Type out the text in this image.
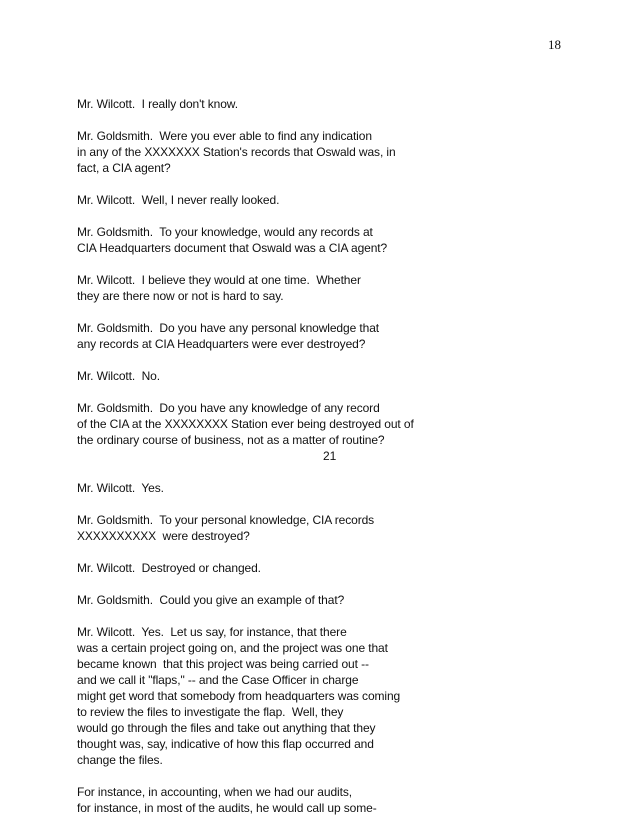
18

Mr. Wilcott.  I really don't know.

Mr. Goldsmith.  Were you ever able to find any indication
in any of the XXXXXXX Station's records that Oswald was, in
fact, a CIA agent?

Mr. Wilcott.  Well, I never really looked.

Mr. Goldsmith.  To your knowledge, would any records at
CIA Headquarters document that Oswald was a CIA agent?

Mr. Wilcott.  I believe they would at one time.  Whether
they are there now or not is hard to say.

Mr. Goldsmith.  Do you have any personal knowledge that
any records at CIA Headquarters were ever destroyed?

Mr. Wilcott.  No.

Mr. Goldsmith.  Do you have any knowledge of any record
of the CIA at the XXXXXXXX Station ever being destroyed out of
the ordinary course of business, not as a matter of routine?
21

Mr. Wilcott.  Yes.

Mr. Goldsmith.  To your personal knowledge, CIA records
XXXXXXXXXX  were destroyed?

Mr. Wilcott.  Destroyed or changed.

Mr. Goldsmith.  Could you give an example of that?

Mr. Wilcott.  Yes.  Let us say, for instance, that there
was a certain project going on, and the project was one that
became known  that this project was being carried out --
and we call it "flaps," -- and the Case Officer in charge
might get word that somebody from headquarters was coming
to review the files to investigate the flap.  Well, they
would go through the files and take out anything that they
thought was, say, indicative of how this flap occurred and
change the files.

For instance, in accounting, when we had our audits,
for instance, in most of the audits, he would call up some-
